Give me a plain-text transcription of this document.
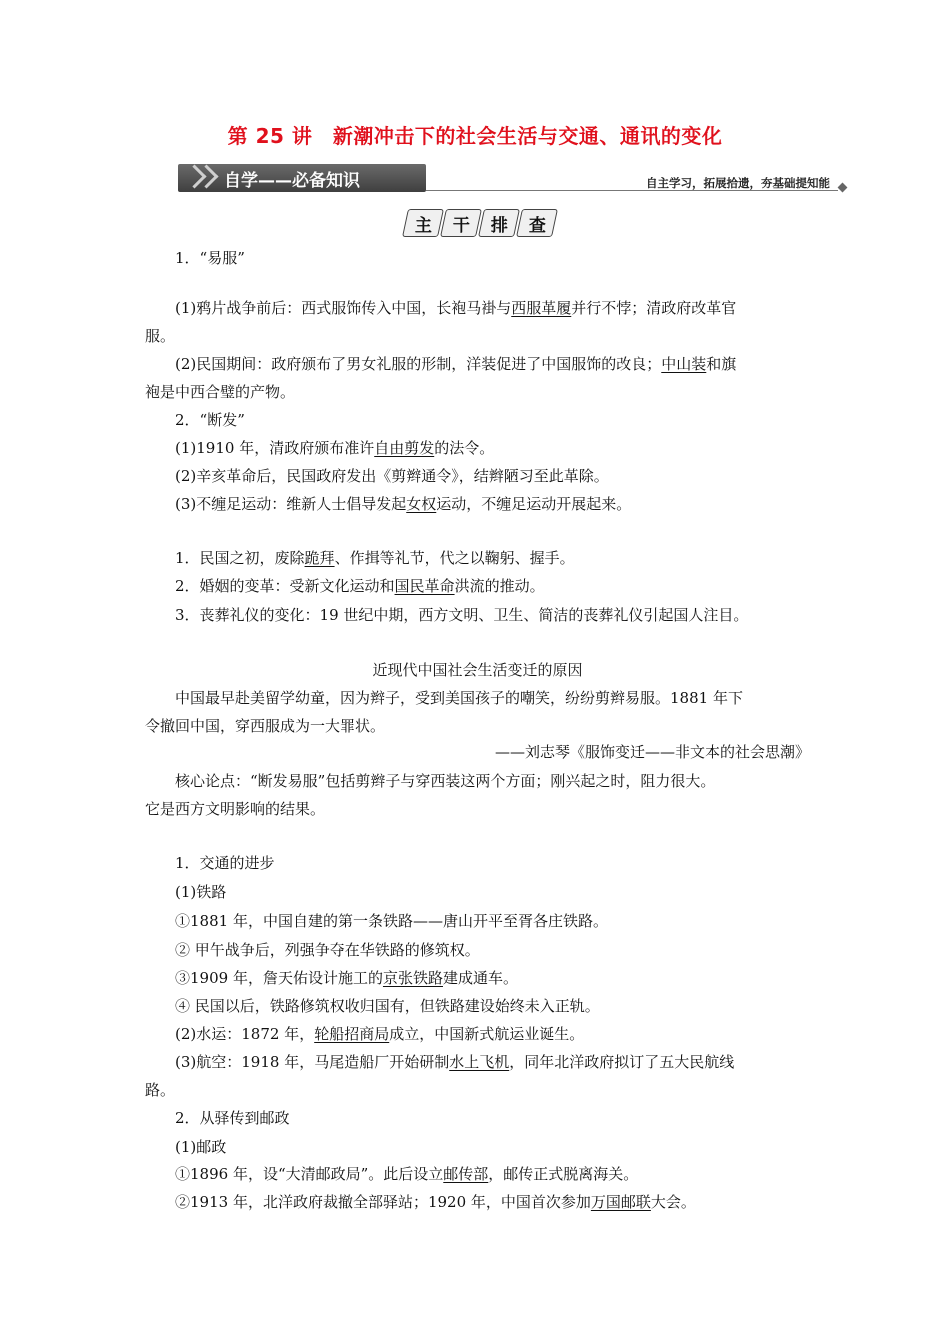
第 25 讲　新潮冲击下的社会生活与交通、通讯的变化
自学——必备知识	自主学习，拓展拾遗，夯基础提知能
主 干 排 查
1．“易服”
(1)鸦片战争前后：西式服饰传入中国，长袍马褂与西服革履并行不悖；清政府改革官
服。
(2)民国期间：政府颁布了男女礼服的形制，洋装促进了中国服饰的改良；中山装和旗
袍是中西合璧的产物。
2．“断发”
(1)1910 年，清政府颁布准许自由剪发的法令。
(2)辛亥革命后，民国政府发出《剪辫通令》，结辫陋习至此革除。
(3)不缠足运动：维新人士倡导发起女权运动，不缠足运动开展起来。
1．民国之初，废除跪拜、作揖等礼节，代之以鞠躬、握手。
2．婚姻的变革：受新文化运动和国民革命洪流的推动。
3．丧葬礼仪的变化：19 世纪中期，西方文明、卫生、简洁的丧葬礼仪引起国人注目。
近现代中国社会生活变迁的原因
中国最早赴美留学幼童，因为辫子，受到美国孩子的嘲笑，纷纷剪辫易服。1881 年下
令撤回中国，穿西服成为一大罪状。
——刘志琴《服饰变迁——非文本的社会思潮》
核心论点：“断发易服”包括剪辫子与穿西装这两个方面；刚兴起之时，阻力很大。
它是西方文明影响的结果。
1．交通的进步
(1)铁路
①1881 年，中国自建的第一条铁路——唐山开平至胥各庄铁路。
② 甲午战争后，列强争夺在华铁路的修筑权。
③1909 年，詹天佑设计施工的京张铁路建成通车。
④ 民国以后，铁路修筑权收归国有，但铁路建设始终未入正轨。
(2)水运：1872 年，轮船招商局成立，中国新式航运业诞生。
(3)航空：1918 年，马尾造船厂开始研制水上飞机，同年北洋政府拟订了五大民航线
路。
2．从驿传到邮政
(1)邮政
①1896 年，设“大清邮政局”。此后设立邮传部，邮传正式脱离海关。
②1913 年，北洋政府裁撤全部驿站；1920 年，中国首次参加万国邮联大会。
